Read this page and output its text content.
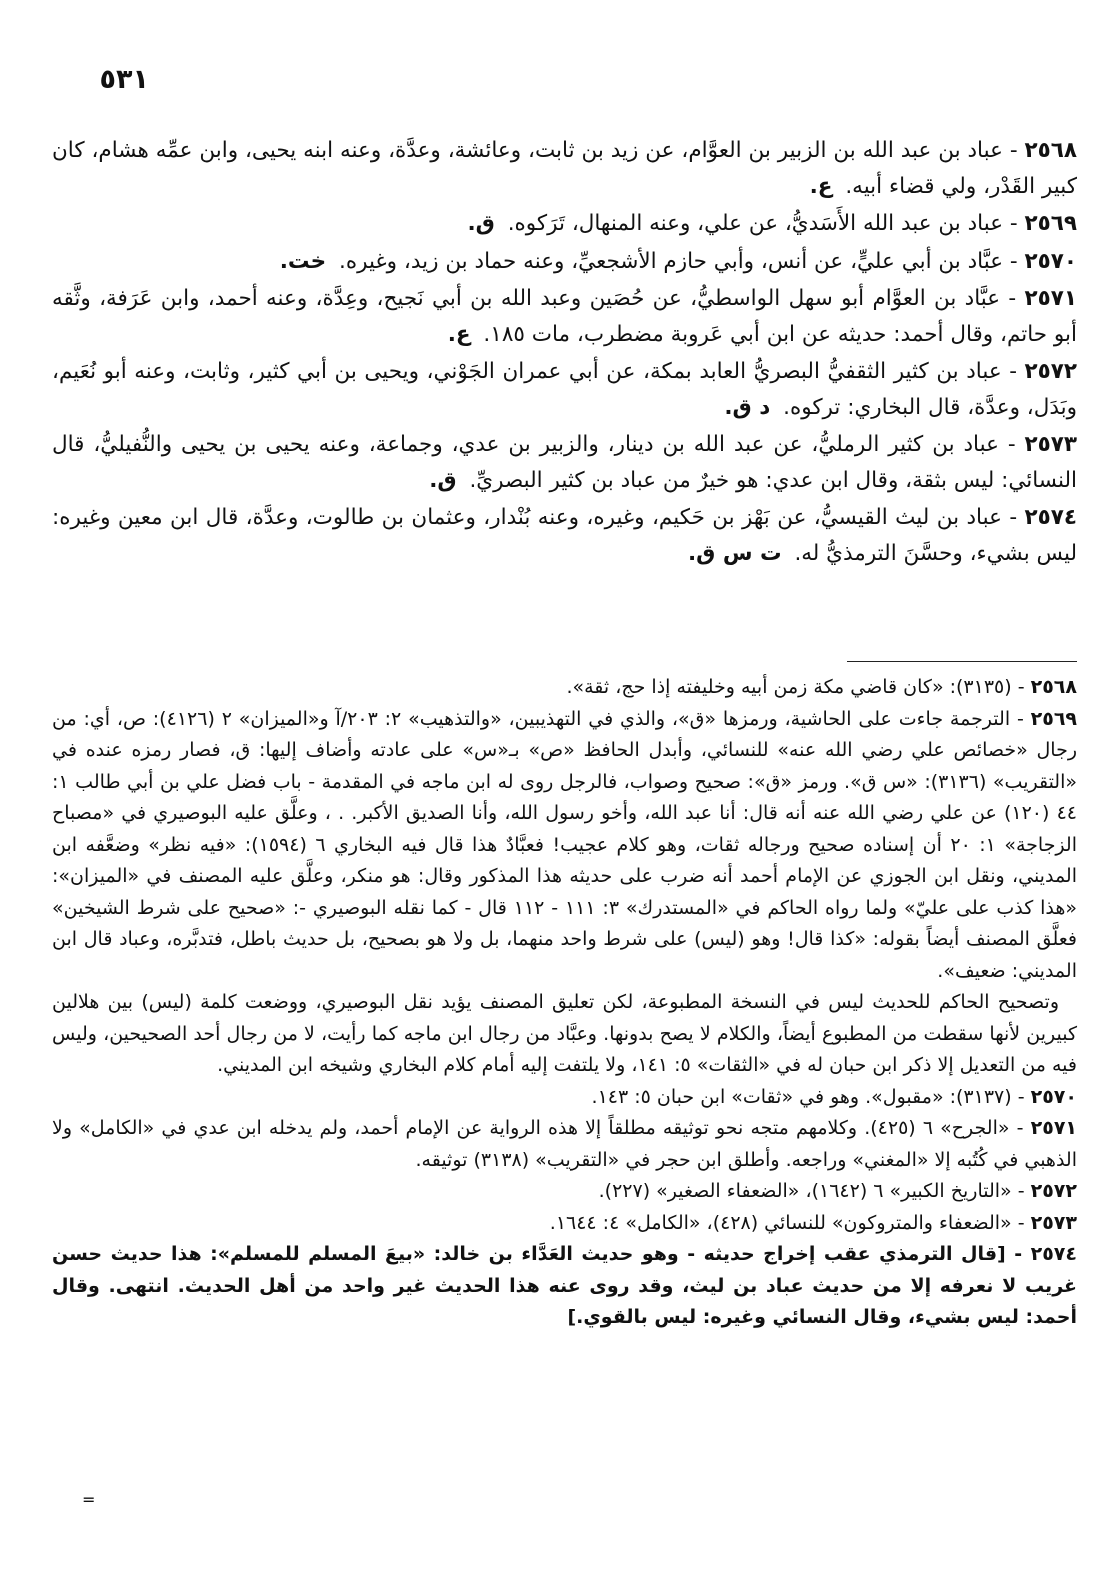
٥٣١

٢٥٦٨ - عباد بن عبد الله بن الزبير بن العوَّام، عن زيد بن ثابت، وعائشة، وعدَّة، وعنه ابنه يحيى، وابن عمِّه هشام، كان كبير القَدْر، ولي قضاء أبيه. ع.

٢٥٦٩ - عباد بن عبد الله الأَسَديُّ، عن علي، وعنه المنهال، تَرَكوه. ق.

٢٥٧٠ - عبَّاد بن أبي عليٍّ، عن أنس، وأبي حازم الأشجعيِّ، وعنه حماد بن زيد، وغيره. خت.

٢٥٧١ - عبَّاد بن العوَّام أبو سهل الواسطيُّ، عن حُصَين وعبد الله بن أبي نَجيح، وعِدَّة، وعنه أحمد، وابن عَرَفة، وثَّقه أبو حاتم، وقال أحمد: حديثه عن ابن أبي عَروبة مضطرب، مات ١٨٥. ع.

٢٥٧٢ - عباد بن كثير الثقفيُّ البصريُّ العابد بمكة، عن أبي عمران الجَوْني، ويحيى بن أبي كثير، وثابت، وعنه أبو نُعَيم، وبَدَل، وعدَّة، قال البخاري: تركوه. د ق.

٢٥٧٣ - عباد بن كثير الرمليُّ، عن عبد الله بن دينار، والزبير بن عدي، وجماعة، وعنه يحيى بن يحيى والنُّفيليُّ، قال النسائي: ليس بثقة، وقال ابن عدي: هو خيرٌ من عباد بن كثير البصريِّ. ق.

٢٥٧٤ - عباد بن ليث القيسيُّ، عن بَهْز بن حَكيم، وغيره، وعنه بُنْدار، وعثمان بن طالوت، وعدَّة، قال ابن معين وغيره: ليس بشيء، وحسَّنَ الترمذيُّ له. ت س ق.

٢٥٦٨ - (٣١٣٥): «كان قاضي مكة زمن أبيه وخليفته إذا حج، ثقة».

٢٥٦٩ - الترجمة جاءت على الحاشية، ورمزها «ق»، والذي في التهذيبين، «والتذهيب» ٢: ٢٠٣/آ و«الميزان» ٢ (٤١٢٦): ص، أي: من رجال «خصائص علي رضي الله عنه» للنسائي، وأبدل الحافظ «ص» بـ«س» على عادته وأضاف إليها: ق، فصار رمزه عنده في «التقريب» (٣١٣٦): «س ق». ورمز «ق»: صحيح وصواب، فالرجل روى له ابن ماجه في المقدمة - باب فضل علي بن أبي طالب ١: ٤٤ (١٢٠) عن علي رضي الله عنه أنه قال: أنا عبد الله، وأخو رسول الله، وأنا الصديق الأكبر. . ، وعلَّق عليه البوصيري في «مصباح الزجاجة» ١: ٢٠ أن إسناده صحيح ورجاله ثقات، وهو كلام عجيب! فعبَّادٌ هذا قال فيه البخاري ٦ (١٥٩٤): «فيه نظر» وضعَّفه ابن المديني، ونقل ابن الجوزي عن الإمام أحمد أنه ضرب على حديثه هذا المذكور وقال: هو منكر، وعلَّق عليه المصنف في «الميزان»: «هذا كذب على عليّ» ولما رواه الحاكم في «المستدرك» ٣: ١١١ - ١١٢ قال - كما نقله البوصيري -: «صحيح على شرط الشيخين» فعلَّق المصنف أيضاً بقوله: «كذا قال! وهو (ليس) على شرط واحد منهما، بل ولا هو بصحيح، بل حديث باطل، فتدبَّره، وعباد قال ابن المديني: ضعيف».

وتصحيح الحاكم للحديث ليس في النسخة المطبوعة، لكن تعليق المصنف يؤيد نقل البوصيري، ووضعت كلمة (ليس) بين هلالين كبيرين لأنها سقطت من المطبوع أيضاً، والكلام لا يصح بدونها. وعبَّاد من رجال ابن ماجه كما رأيت، لا من رجال أحد الصحيحين، وليس فيه من التعديل إلا ذكر ابن حبان له في «الثقات» ٥: ١٤١، ولا يلتفت إليه أمام كلام البخاري وشيخه ابن المديني.

٢٥٧٠ - (٣١٣٧): «مقبول». وهو في «ثقات» ابن حبان ٥: ١٤٣.

٢٥٧١ - «الجرح» ٦ (٤٢٥). وكلامهم متجه نحو توثيقه مطلقاً إلا هذه الرواية عن الإمام أحمد، ولم يدخله ابن عدي في «الكامل» ولا الذهبي في كُتُبه إلا «المغني» وراجعه. وأطلق ابن حجر في «التقريب» (٣١٣٨) توثيقه.

٢٥٧٢ - «التاريخ الكبير» ٦ (١٦٤٢)، «الضعفاء الصغير» (٢٢٧).

٢٥٧٣ - «الضعفاء والمتروكون» للنسائي (٤٢٨)، «الكامل» ٤: ١٦٤٤.

٢٥٧٤ - [قال الترمذي عقب إخراج حديثه - وهو حديث العَدَّاء بن خالد: «بيعَ المسلم للمسلم»: هذا حديث حسن غريب لا نعرفه إلا من حديث عباد بن ليث، وقد روى عنه هذا الحديث غير واحد من أهل الحديث. انتهى. وقال أحمد: ليس بشيء، وقال النسائي وغيره: ليس بالقوي.]

=
